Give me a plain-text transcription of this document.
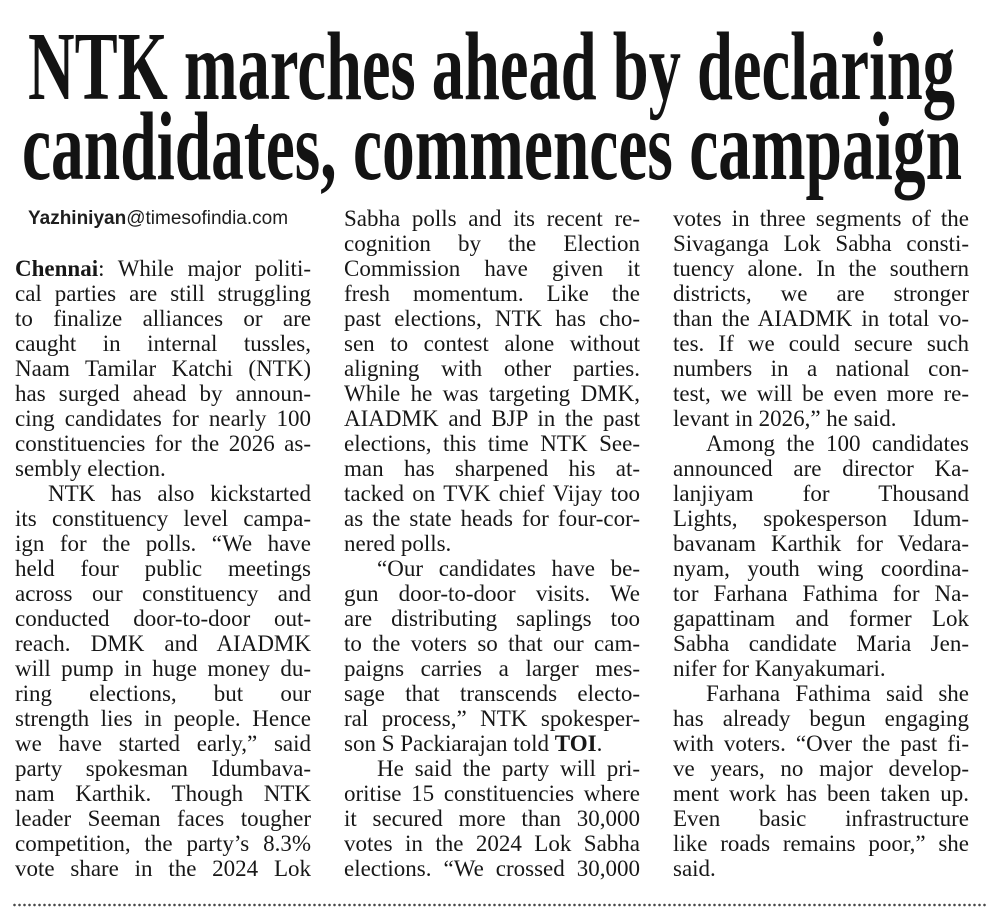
NTK marches ahead by declaring
candidates, commences campaign
Yazhiniyan@timesofindia.com
Chennai: While major politi-
cal parties are still struggling
to finalize alliances or are
caught in internal tussles,
Naam Tamilar Katchi (NTK)
has surged ahead by announ-
cing candidates for nearly 100
constituencies for the 2026 as-
sembly election.
NTK has also kickstarted
its constituency level campa-
ign for the polls. “We have
held four public meetings
across our constituency and
conducted door-to-door out-
reach. DMK and AIADMK
will pump in huge money du-
ring elections, but our
strength lies in people. Hence
we have started early,” said
party spokesman Idumbava-
nam Karthik. Though NTK
leader Seeman faces tougher
competition, the party’s 8.3%
vote share in the 2024 Lok
Sabha polls and its recent re-
cognition by the Election
Commission have given it
fresh momentum. Like the
past elections, NTK has cho-
sen to contest alone without
aligning with other parties.
While he was targeting DMK,
AIADMK and BJP in the past
elections, this time NTK See-
man has sharpened his at-
tacked on TVK chief Vijay too
as the state heads for four-cor-
nered polls.
“Our candidates have be-
gun door-to-door visits. We
are distributing saplings too
to the voters so that our cam-
paigns carries a larger mes-
sage that transcends electo-
ral process,” NTK spokesper-
son S Packiarajan told TOI.
He said the party will pri-
oritise 15 constituencies where
it secured more than 30,000
votes in the 2024 Lok Sabha
elections. “We crossed 30,000
votes in three segments of the
Sivaganga Lok Sabha consti-
tuency alone. In the southern
districts, we are stronger
than the AIADMK in total vo-
tes. If we could secure such
numbers in a national con-
test, we will be even more re-
levant in 2026,” he said.
Among the 100 candidates
announced are director Ka-
lanjiyam for Thousand
Lights, spokesperson Idum-
bavanam Karthik for Vedara-
nyam, youth wing coordina-
tor Farhana Fathima for Na-
gapattinam and former Lok
Sabha candidate Maria Jen-
nifer for Kanyakumari.
Farhana Fathima said she
has already begun engaging
with voters. “Over the past fi-
ve years, no major develop-
ment work has been taken up.
Even basic infrastructure
like roads remains poor,” she
said.
